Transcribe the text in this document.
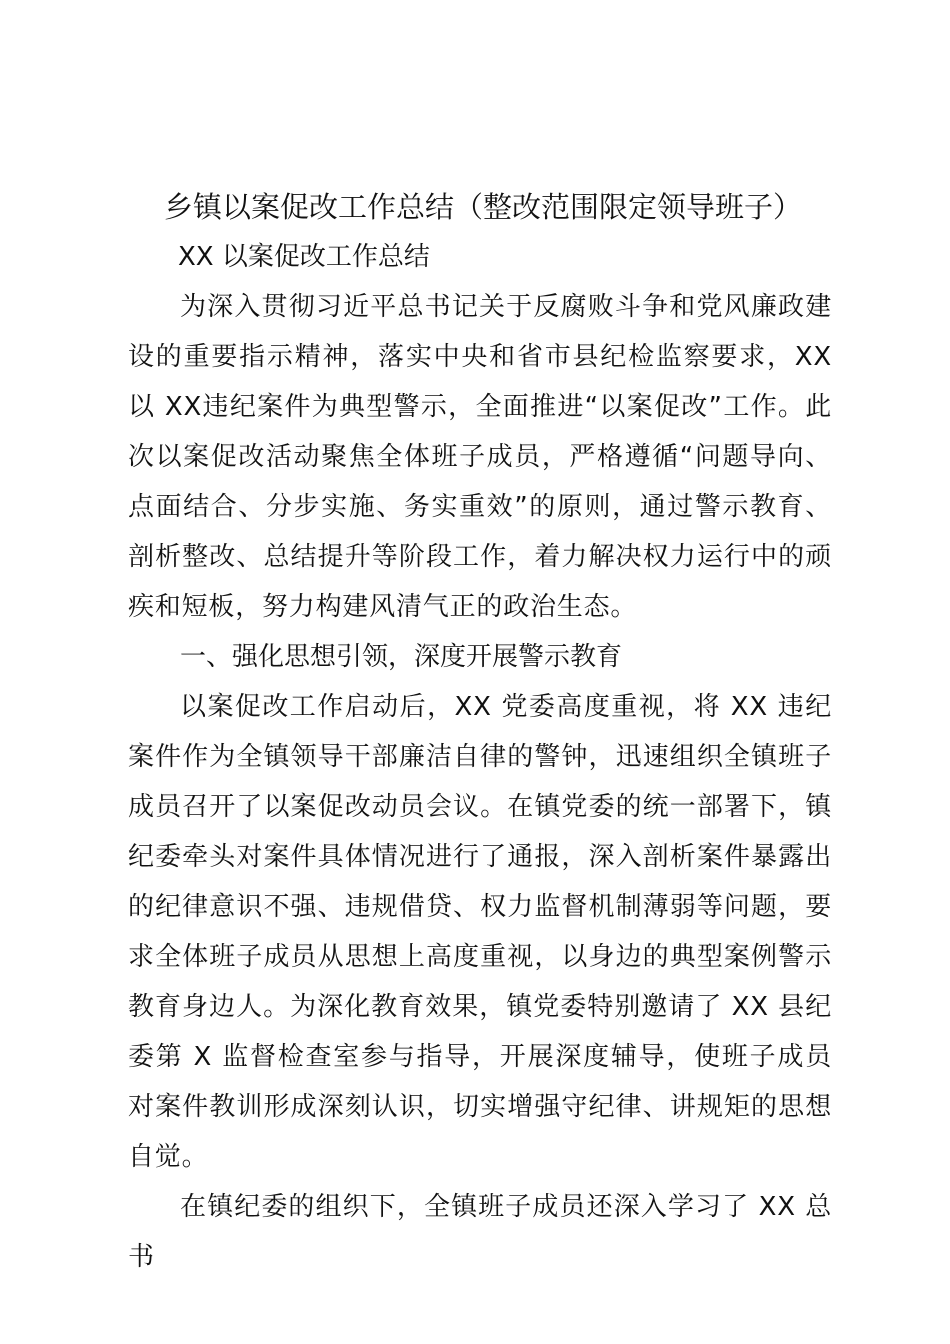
乡镇以案促改工作总结（整改范围限定领导班子）

XX 以案促改工作总结

为深入贯彻习近平总书记关于反腐败斗争和党风廉政建设的重要指示精神，落实中央和省市县纪检监察要求，XX 以 XX违纪案件为典型警示，全面推进“以案促改”工作。此次以案促改活动聚焦全体班子成员，严格遵循“问题导向、点面结合、分步实施、务实重效”的原则，通过警示教育、剖析整改、总结提升等阶段工作，着力解决权力运行中的顽疾和短板，努力构建风清气正的政治生态。

一、强化思想引领，深度开展警示教育

以案促改工作启动后，XX 党委高度重视，将 XX 违纪案件作为全镇领导干部廉洁自律的警钟，迅速组织全镇班子成员召开了以案促改动员会议。在镇党委的统一部署下，镇纪委牵头对案件具体情况进行了通报，深入剖析案件暴露出的纪律意识不强、违规借贷、权力监督机制薄弱等问题，要求全体班子成员从思想上高度重视，以身边的典型案例警示教育身边人。为深化教育效果，镇党委特别邀请了 XX 县纪委第 X 监督检查室参与指导，开展深度辅导，使班子成员对案件教训形成深刻认识，切实增强守纪律、讲规矩的思想自觉。

在镇纪委的组织下，全镇班子成员还深入学习了 XX 总书
